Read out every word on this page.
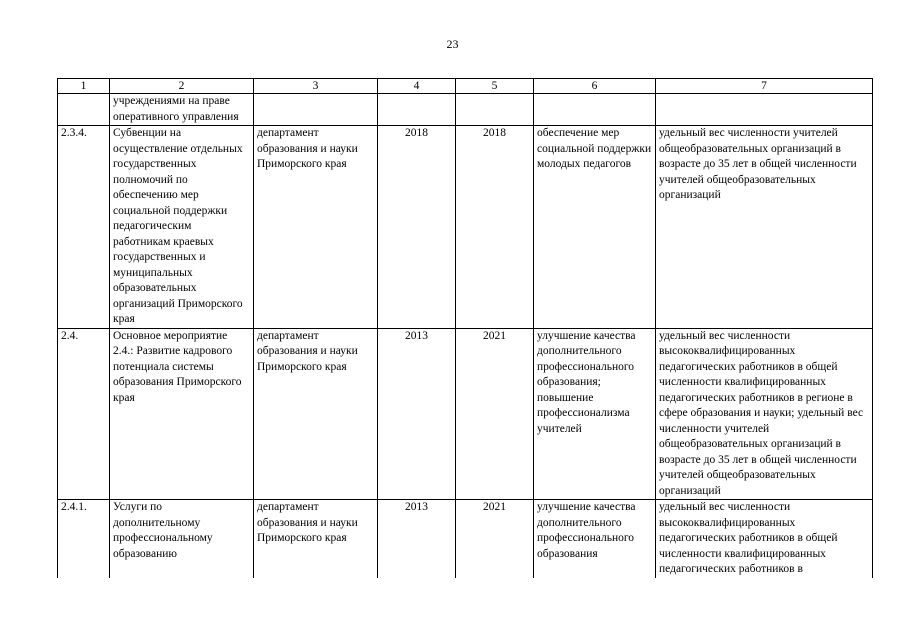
23
1	2	3	4	5	6	7
	учреждениями на праве оперативного управления					
2.3.4.	Субвенции на осуществление отдельных государственных полномочий по обеспечению мер социальной поддержки педагогическим работникам краевых государственных и муниципальных образовательных организаций Приморского края	департамент образования и науки Приморского края	2018	2018	обеспечение мер социальной поддержки молодых педагогов	удельный вес численности учителей общеобразовательных организаций в возрасте до 35 лет в общей численности учителей общеобразовательных организаций
2.4.	Основное мероприятие 2.4.: Развитие кадрового потенциала системы образования Приморского края	департамент образования и науки Приморского края	2013	2021	улучшение качества дополнительного профессионального образования; повышение профессионализма учителей	удельный вес численности высококвалифицированных педагогических работников в общей численности квалифицированных педагогических работников в регионе в сфере образования и науки; удельный вес численности учителей общеобразовательных организаций в возрасте до 35 лет в общей численности учителей общеобразовательных организаций
2.4.1.	Услуги по дополнительному профессиональному образованию	департамент образования и науки Приморского края	2013	2021	улучшение качества дополнительного профессионального образования	удельный вес численности высококвалифицированных педагогических работников в общей численности квалифицированных педагогических работников в
